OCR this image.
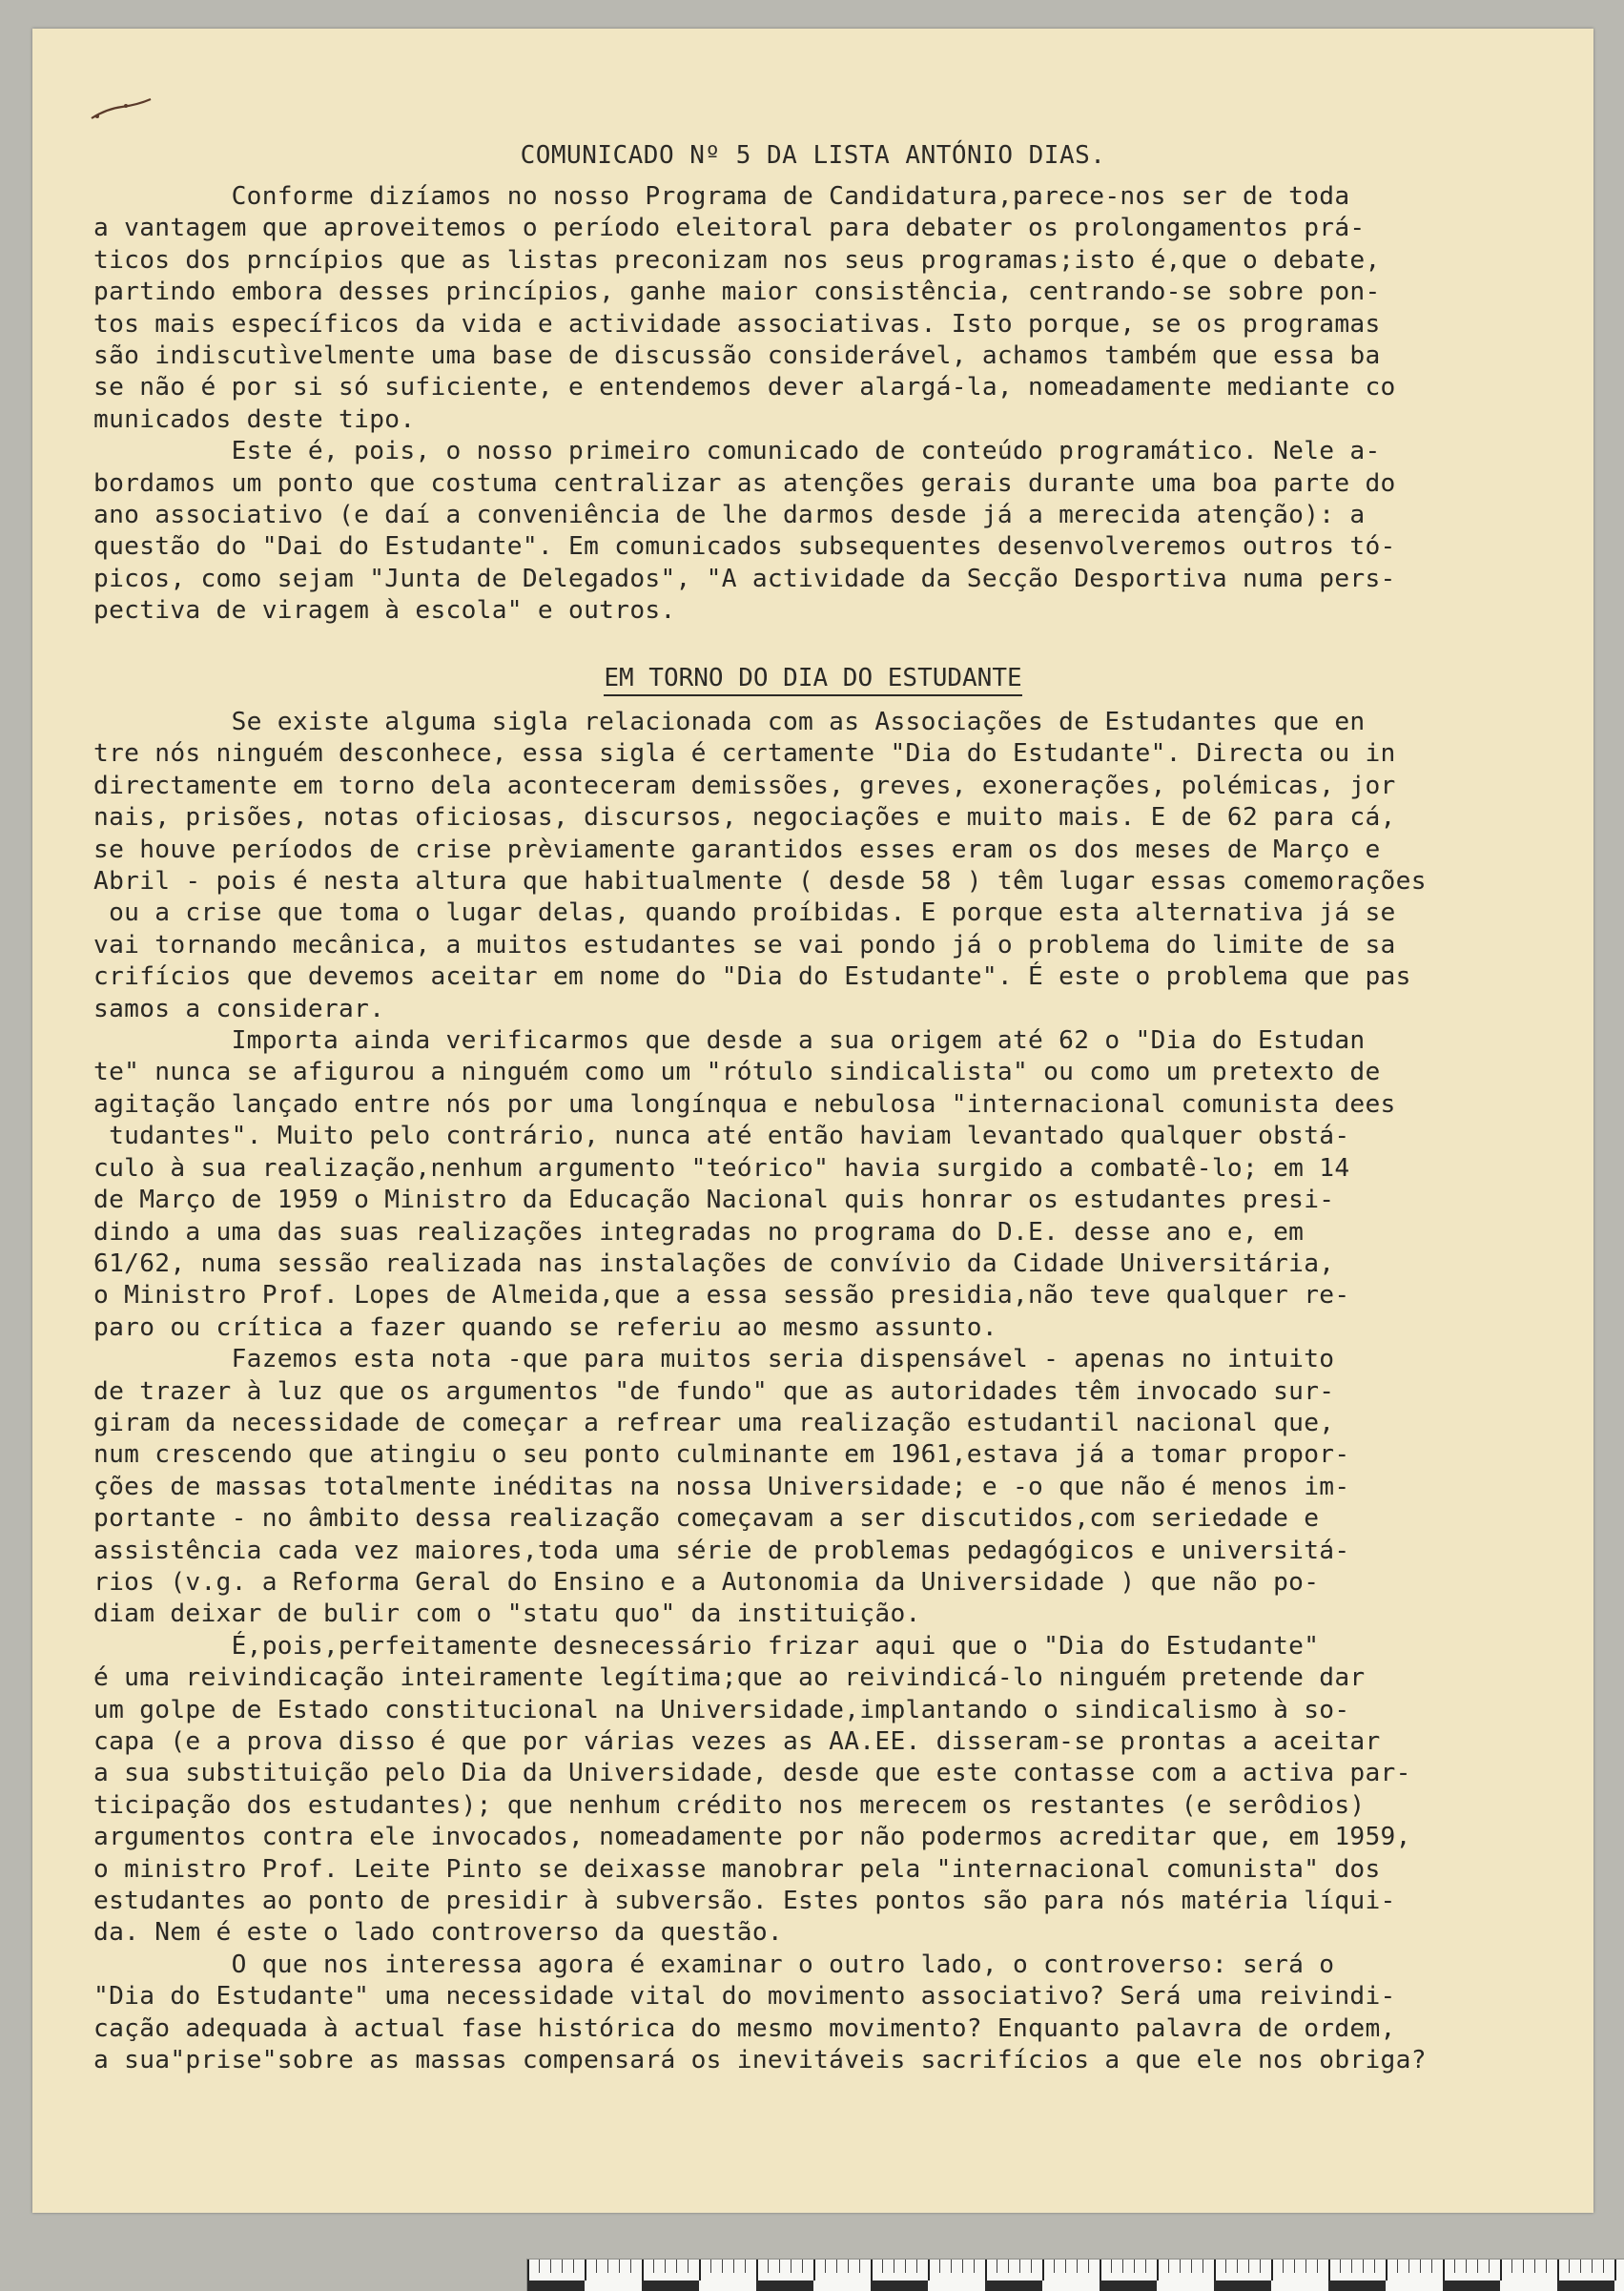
COMUNICADO Nº 5 DA LISTA ANTÓNIO DIAS.
Conforme dizíamos no nosso Programa de Candidatura,parece-nos ser de toda
a vantagem que aproveitemos o período eleitoral para debater os prolongamentos prá-
ticos dos prncípios que as listas preconizam nos seus programas;isto é,que o debate,
partindo embora desses princípios, ganhe maior consistência, centrando-se sobre pon-
tos mais específicos da vida e actividade associativas. Isto porque, se os programas
são indiscutìvelmente uma base de discussão considerável, achamos também que essa ba
se não é por si só suficiente, e entendemos dever alargá-la, nomeadamente mediante co
municados deste tipo.
Este é, pois, o nosso primeiro comunicado de conteúdo programático. Nele a-
bordamos um ponto que costuma centralizar as atenções gerais durante uma boa parte do
ano associativo (e daí a conveniência de lhe darmos desde já a merecida atenção): a
questão do "Dai do Estudante". Em comunicados subsequentes desenvolveremos outros tó-
picos, como sejam "Junta de Delegados", "A actividade da Secção Desportiva numa pers-
pectiva de viragem à escola" e outros.
EM TORNO DO DIA DO ESTUDANTE
Se existe alguma sigla relacionada com as Associações de Estudantes que en
tre nós ninguém desconhece, essa sigla é certamente "Dia do Estudante". Directa ou in
directamente em torno dela aconteceram demissões, greves, exonerações, polémicas, jor
nais, prisões, notas oficiosas, discursos, negociações e muito mais. E de 62 para cá,
se houve períodos de crise prèviamente garantidos esses eram os dos meses de Março e
Abril - pois é nesta altura que habitualmente ( desde 58 ) têm lugar essas comemorações
ou a crise que toma o lugar delas, quando proíbidas. E porque esta alternativa já se
vai tornando mecânica, a muitos estudantes se vai pondo já o problema do limite de sa
crifícios que devemos aceitar em nome do "Dia do Estudante". É este o problema que pas
samos a considerar.
Importa ainda verificarmos que desde a sua origem até 62 o "Dia do Estudan
te" nunca se afigurou a ninguém como um "rótulo sindicalista" ou como um pretexto de
agitação lançado entre nós por uma longínqua e nebulosa "internacional comunista dees
tudantes". Muito pelo contrário, nunca até então haviam levantado qualquer obstá-
culo à sua realização,nenhum argumento "teórico" havia surgido a combatê-lo; em 14
de Março de 1959 o Ministro da Educação Nacional quis honrar os estudantes presi-
dindo a uma das suas realizações integradas no programa do D.E. desse ano e, em
61/62, numa sessão realizada nas instalações de convívio da Cidade Universitária,
o Ministro Prof. Lopes de Almeida,que a essa sessão presidia,não teve qualquer re-
paro ou crítica a fazer quando se referiu ao mesmo assunto.
Fazemos esta nota -que para muitos seria dispensável - apenas no intuito
de trazer à luz que os argumentos "de fundo" que as autoridades têm invocado sur-
giram da necessidade de começar a refrear uma realização estudantil nacional que,
num crescendo que atingiu o seu ponto culminante em 1961,estava já a tomar propor-
ções de massas totalmente inéditas na nossa Universidade; e -o que não é menos im-
portante - no âmbito dessa realização começavam a ser discutidos,com seriedade e
assistência cada vez maiores,toda uma série de problemas pedagógicos e universitá-
rios (v.g. a Reforma Geral do Ensino e a Autonomia da Universidade ) que não po-
diam deixar de bulir com o "statu quo" da instituição.
É,pois,perfeitamente desnecessário frizar aqui que o "Dia do Estudante"
é uma reivindicação inteiramente legítima;que ao reivindicá-lo ninguém pretende dar
um golpe de Estado constitucional na Universidade,implantando o sindicalismo à so-
capa (e a prova disso é que por várias vezes as AA.EE. disseram-se prontas a aceitar
a sua substituição pelo Dia da Universidade, desde que este contasse com a activa par-
ticipação dos estudantes); que nenhum crédito nos merecem os restantes (e serôdios)
argumentos contra ele invocados, nomeadamente por não podermos acreditar que, em 1959,
o ministro Prof. Leite Pinto se deixasse manobrar pela "internacional comunista" dos
estudantes ao ponto de presidir à subversão. Estes pontos são para nós matéria líqui-
da. Nem é este o lado controverso da questão.
O que nos interessa agora é examinar o outro lado, o controverso: será o
"Dia do Estudante" uma necessidade vital do movimento associativo? Será uma reivindi-
cação adequada à actual fase histórica do mesmo movimento? Enquanto palavra de ordem,
a sua"prise"sobre as massas compensará os inevitáveis sacrifícios a que ele nos obriga?
